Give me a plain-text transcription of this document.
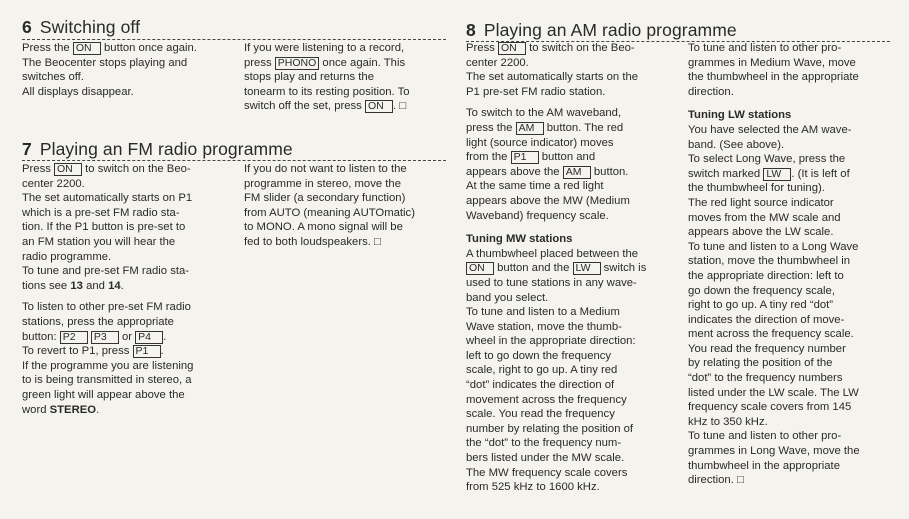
6 Switching off
Press the ON button once again.
The Beocenter stops playing and
switches off.
All displays disappear.
If you were listening to a record,
press PHONO once again. This
stops play and returns the
tonearm to its resting position. To
switch off the set, press ON . □
7 Playing an FM radio programme
Press ON to switch on the Beo-
center 2200.
The set automatically starts on P1
which is a pre-set FM radio sta-
tion. If the P1 button is pre-set to
an FM station you will hear the
radio programme.
To tune and pre-set FM radio sta-
tions see 13 and 14.
To listen to other pre-set FM radio
stations, press the appropriate
button: P2 P3 or P4 .
To revert to P1, press P1 .
If the programme you are listening
to is being transmitted in stereo, a
green light will appear above the
word STEREO.
If you do not want to listen to the
programme in stereo, move the
FM slider (a secondary function)
from AUTO (meaning AUTOmatic)
to MONO. A mono signal will be
fed to both loudspeakers. □
8 Playing an AM radio programme
Press ON to switch on the Beo-
center 2200.
The set automatically starts on the
P1 pre-set FM radio station.
To switch to the AM waveband,
press the AM button. The red
light (source indicator) moves
from the P1 button and
appears above the AM button.
At the same time a red light
appears above the MW (Medium
Waveband) frequency scale.
Tuning MW stations
A thumbwheel placed between the
ON button and the LW switch is
used to tune stations in any wave-
band you select.
To tune and listen to a Medium
Wave station, move the thumb-
wheel in the appropriate direction:
left to go down the frequency
scale, right to go up. A tiny red
“dot” indicates the direction of
movement across the frequency
scale. You read the frequency
number by relating the position of
the “dot” to the frequency num-
bers listed under the MW scale.
The MW frequency scale covers
from 525 kHz to 1600 kHz.
To tune and listen to other pro-
grammes in Medium Wave, move
the thumbwheel in the appropriate
direction.
Tuning LW stations
You have selected the AM wave-
band. (See above).
To select Long Wave, press the
switch marked LW . (It is left of
the thumbwheel for tuning).
The red light source indicator
moves from the MW scale and
appears above the LW scale.
To tune and listen to a Long Wave
station, move the thumbwheel in
the appropriate direction: left to
go down the frequency scale,
right to go up. A tiny red “dot”
indicates the direction of move-
ment across the frequency scale.
You read the frequency number
by relating the position of the
“dot” to the frequency numbers
listed under the LW scale. The LW
frequency scale covers from 145
kHz to 350 kHz.
To tune and listen to other pro-
grammes in Long Wave, move the
thumbwheel in the appropriate
direction. □
